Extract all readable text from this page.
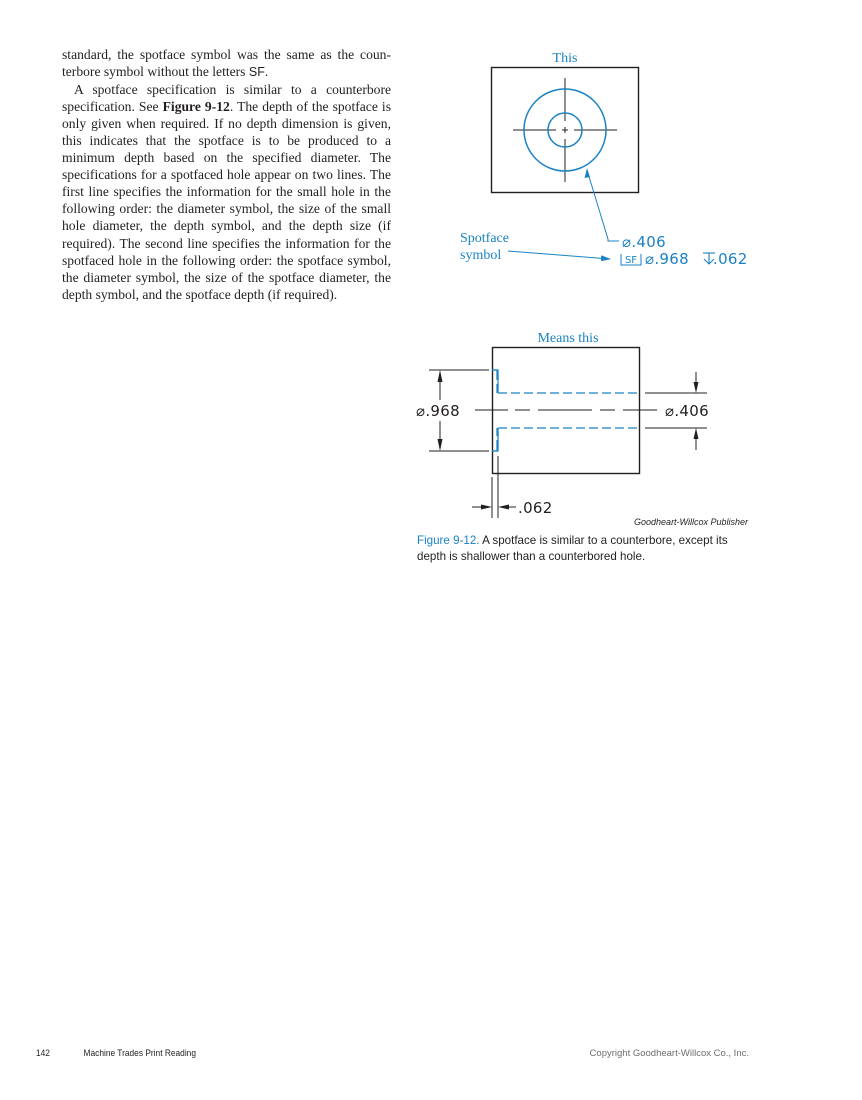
standard, the spotface symbol was the same as the counterbore symbol without the letters SF.

A spotface specification is similar to a counterbore specification. See Figure 9-12. The depth of the spotface is only given when required. If no depth dimension is given, this indicates that the spotface is to be produced to a minimum depth based on the specified diameter. The specifications for a spotfaced hole appear on two lines. The first line specifies the information for the small hole in the following order: the diameter symbol, the size of the small hole diameter, the depth symbol, and the depth size (if required). The second line specifies the information for the spotfaced hole in the following order: the spotface symbol, the diameter symbol, the size of the spotface diameter, the depth symbol, and the spotface depth (if required).

This
⌀.406
SF ⌀.968 .062
Spotface
symbol
Means this
⌀.968	⌀.406
.062
Goodheart-Willcox Publisher
Figure 9-12. A spotface is similar to a counterbore, except its depth is shallower than a counterbored hole.
142	Machine Trades Print Reading	Copyright Goodheart-Willcox Co., Inc.
